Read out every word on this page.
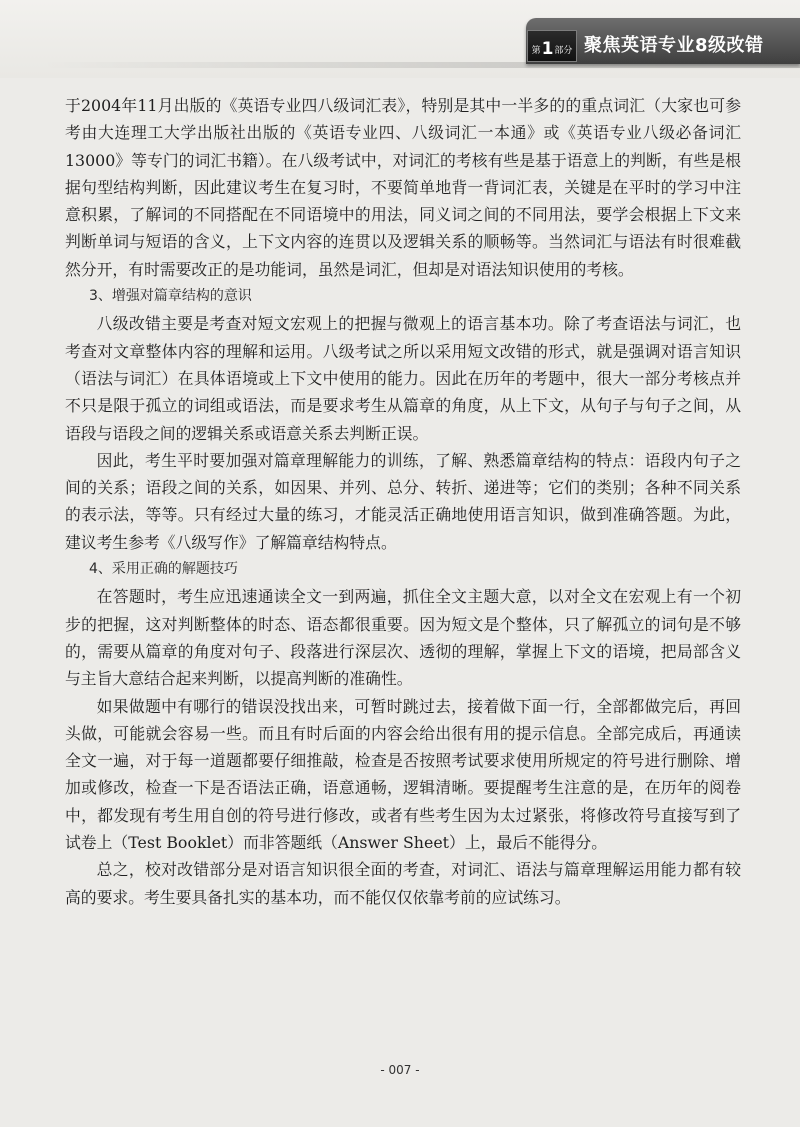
第 1 部分 聚焦英语专业8级改错

于2004年11月出版的《英语专业四八级词汇表》，特别是其中一半多的的重点词汇（大家也可参考由大连理工大学出版社出版的《英语专业四、八级词汇一本通》或《英语专业八级必备词汇13000》等专门的词汇书籍）。在八级考试中，对词汇的考核有些是基于语意上的判断，有些是根据句型结构判断，因此建议考生在复习时，不要简单地背一背词汇表，关键是在平时的学习中注意积累，了解词的不同搭配在不同语境中的用法，同义词之间的不同用法，要学会根据上下文来判断单词与短语的含义，上下文内容的连贯以及逻辑关系的顺畅等。当然词汇与语法有时很难截然分开，有时需要改正的是功能词，虽然是词汇，但却是对语法知识使用的考核。

3、增强对篇章结构的意识

八级改错主要是考查对短文宏观上的把握与微观上的语言基本功。除了考查语法与词汇，也考查对文章整体内容的理解和运用。八级考试之所以采用短文改错的形式，就是强调对语言知识（语法与词汇）在具体语境或上下文中使用的能力。因此在历年的考题中，很大一部分考核点并不只是限于孤立的词组或语法，而是要求考生从篇章的角度，从上下文，从句子与句子之间，从语段与语段之间的逻辑关系或语意关系去判断正误。

因此，考生平时要加强对篇章理解能力的训练，了解、熟悉篇章结构的特点：语段内句子之间的关系；语段之间的关系，如因果、并列、总分、转折、递进等；它们的类别；各种不同关系的表示法，等等。只有经过大量的练习，才能灵活正确地使用语言知识，做到准确答题。为此，建议考生参考《八级写作》了解篇章结构特点。

4、采用正确的解题技巧

在答题时，考生应迅速通读全文一到两遍，抓住全文主题大意，以对全文在宏观上有一个初步的把握，这对判断整体的时态、语态都很重要。因为短文是个整体，只了解孤立的词句是不够的，需要从篇章的角度对句子、段落进行深层次、透彻的理解，掌握上下文的语境，把局部含义与主旨大意结合起来判断，以提高判断的准确性。

如果做题中有哪行的错误没找出来，可暂时跳过去，接着做下面一行，全部都做完后，再回头做，可能就会容易一些。而且有时后面的内容会给出很有用的提示信息。全部完成后，再通读全文一遍，对于每一道题都要仔细推敲，检查是否按照考试要求使用所规定的符号进行删除、增加或修改，检查一下是否语法正确，语意通畅，逻辑清晰。要提醒考生注意的是，在历年的阅卷中，都发现有考生用自创的符号进行修改，或者有些考生因为太过紧张，将修改符号直接写到了试卷上（Test Booklet）而非答题纸（Answer Sheet）上，最后不能得分。

总之，校对改错部分是对语言知识很全面的考查，对词汇、语法与篇章理解运用能力都有较高的要求。考生要具备扎实的基本功，而不能仅仅依靠考前的应试练习。

- 007 -
